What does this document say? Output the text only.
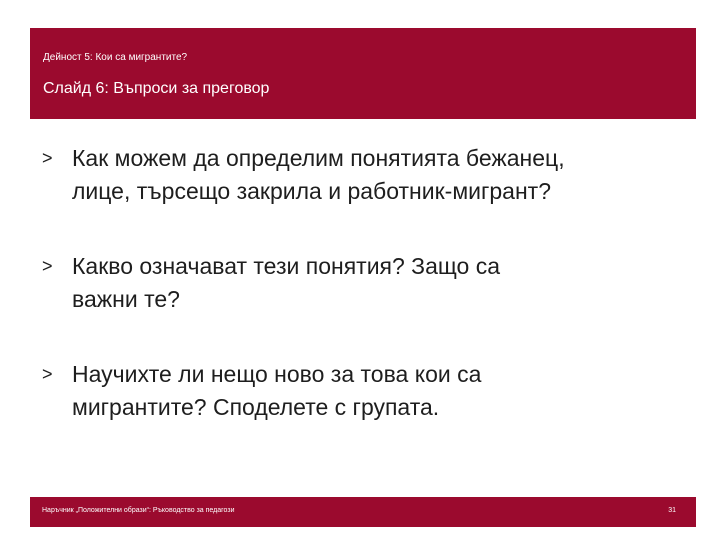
Дейност 5: Кои са мигрантите?
Слайд 6: Въпроси за преговор
> Как можем да определим понятията бежанец,
лице, търсещо закрила и работник-мигрант?
> Какво означават тези понятия? Защо са
важни те?
> Научихте ли нещо ново за това кои са
мигрантите? Споделете с групата.
Наръчник „Положителни образи“: Ръководство за педагози	31
